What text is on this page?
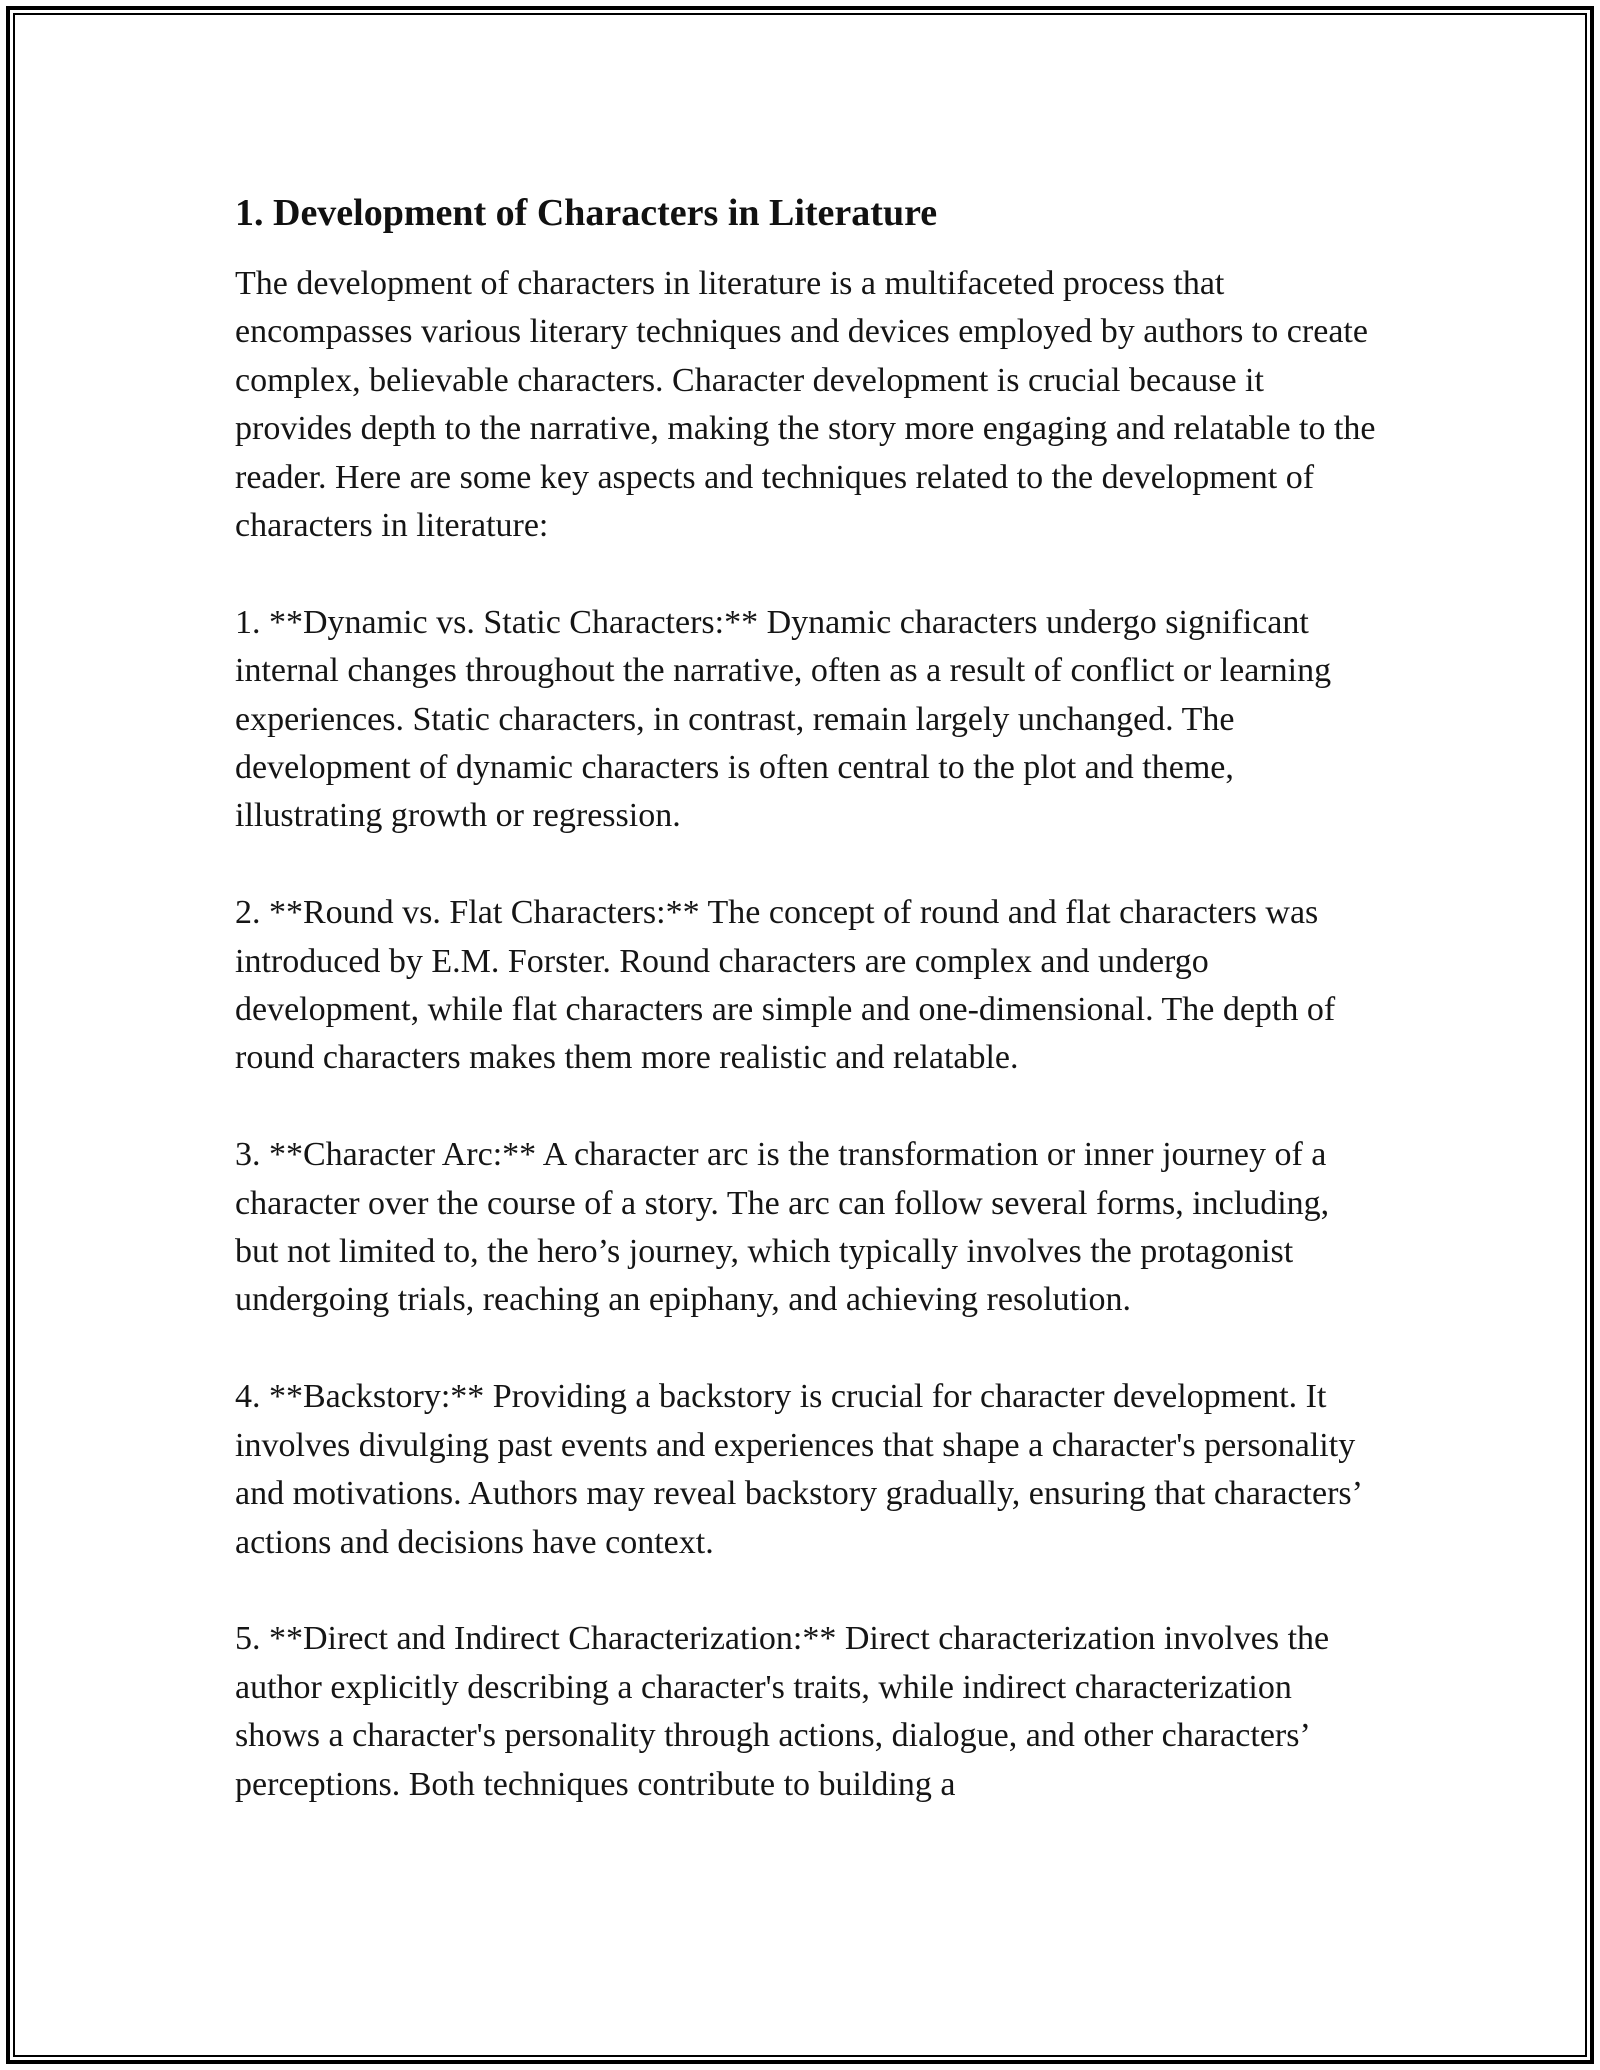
1. Development of Characters in Literature

The development of characters in literature is a multifaceted process that encompasses various literary techniques and devices employed by authors to create complex, believable characters. Character development is crucial because it provides depth to the narrative, making the story more engaging and relatable to the reader. Here are some key aspects and techniques related to the development of characters in literature:

1. **Dynamic vs. Static Characters:** Dynamic characters undergo significant internal changes throughout the narrative, often as a result of conflict or learning experiences. Static characters, in contrast, remain largely unchanged. The development of dynamic characters is often central to the plot and theme, illustrating growth or regression.

2. **Round vs. Flat Characters:** The concept of round and flat characters was introduced by E.M. Forster. Round characters are complex and undergo development, while flat characters are simple and one-dimensional. The depth of round characters makes them more realistic and relatable.

3. **Character Arc:** A character arc is the transformation or inner journey of a character over the course of a story. The arc can follow several forms, including, but not limited to, the hero’s journey, which typically involves the protagonist undergoing trials, reaching an epiphany, and achieving resolution.

4. **Backstory:** Providing a backstory is crucial for character development. It involves divulging past events and experiences that shape a character's personality and motivations. Authors may reveal backstory gradually, ensuring that characters’ actions and decisions have context.

5. **Direct and Indirect Characterization:** Direct characterization involves the author explicitly describing a character's traits, while indirect characterization shows a character's personality through actions, dialogue, and other characters’ perceptions. Both techniques contribute to building a
